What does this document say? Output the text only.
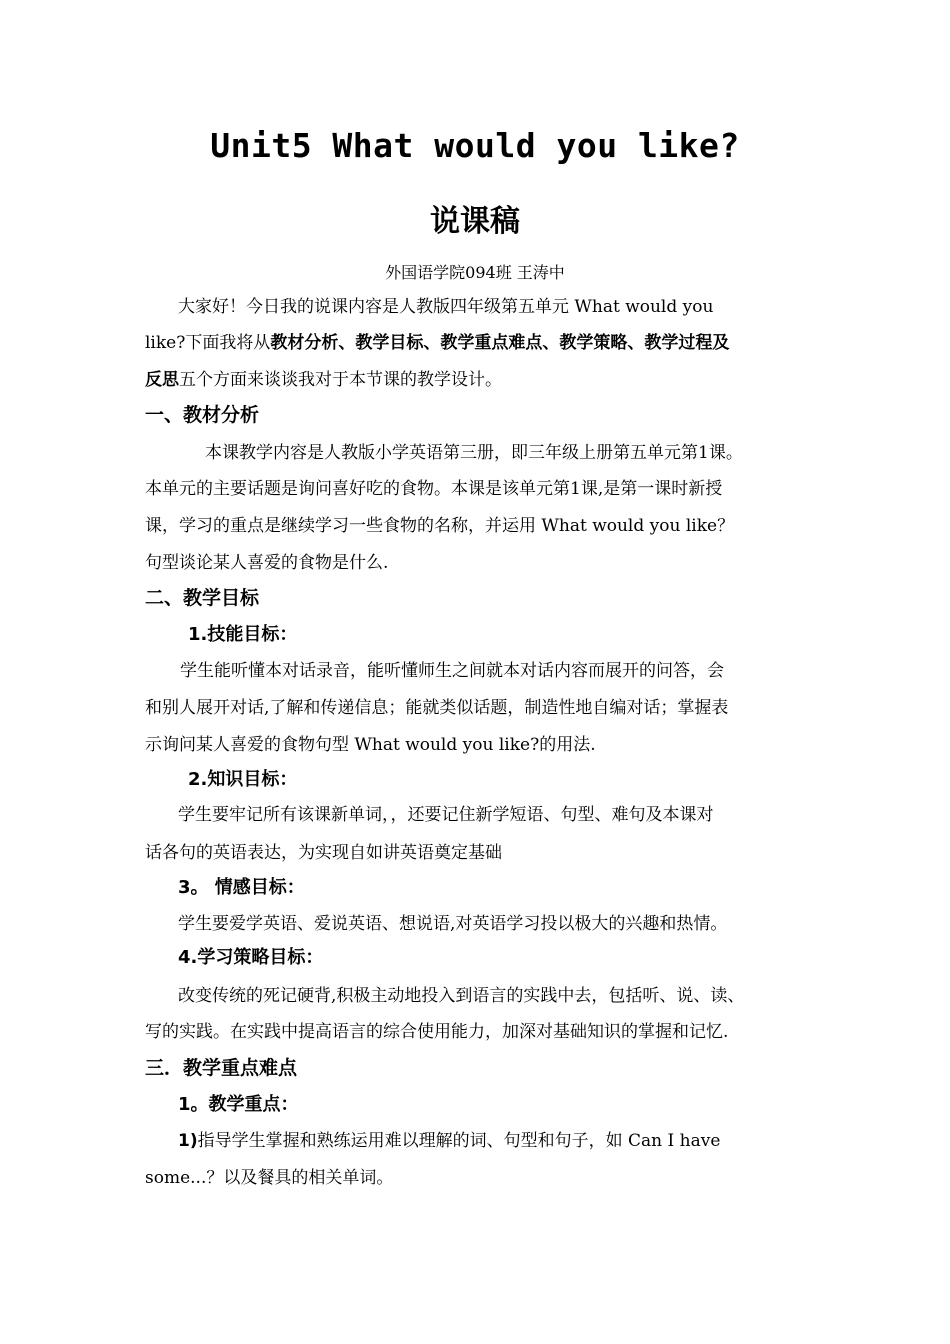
Unit5 What would you like?
说课稿
外国语学院094班 王涛中
大家好！今日我的说课内容是人教版四年级第五单元 What would you
like?下面我将从教材分析、教学目标、教学重点难点、教学策略、教学过程及
反思五个方面来谈谈我对于本节课的教学设计。
一、教材分析
本课教学内容是人教版小学英语第三册，即三年级上册第五单元第1课。
本单元的主要话题是询问喜好吃的食物。本课是该单元第1课,是第一课时新授
课，学习的重点是继续学习一些食物的名称，并运用 What would you like？
句型谈论某人喜爱的食物是什么.
二、教学目标
1.技能目标：
学生能听懂本对话录音，能听懂师生之间就本对话内容而展开的问答，会
和别人展开对话,了解和传递信息；能就类似话题，制造性地自编对话；掌握表
示询问某人喜爱的食物句型 What would you like?的用法.
2.知识目标：
学生要牢记所有该课新单词，，还要记住新学短语、句型、难句及本课对
话各句的英语表达，为实现自如讲英语奠定基础
3。 情感目标：
学生要爱学英语、爱说英语、想说语,对英语学习投以极大的兴趣和热情。
4.学习策略目标：
改变传统的死记硬背,积极主动地投入到语言的实践中去，包括听、说、读、
写的实践。在实践中提高语言的综合使用能力，加深对基础知识的掌握和记忆.
三．教学重点难点
1。教学重点：
1)指导学生掌握和熟练运用难以理解的词、句型和句子，如 Can I have
some...？以及餐具的相关单词。
